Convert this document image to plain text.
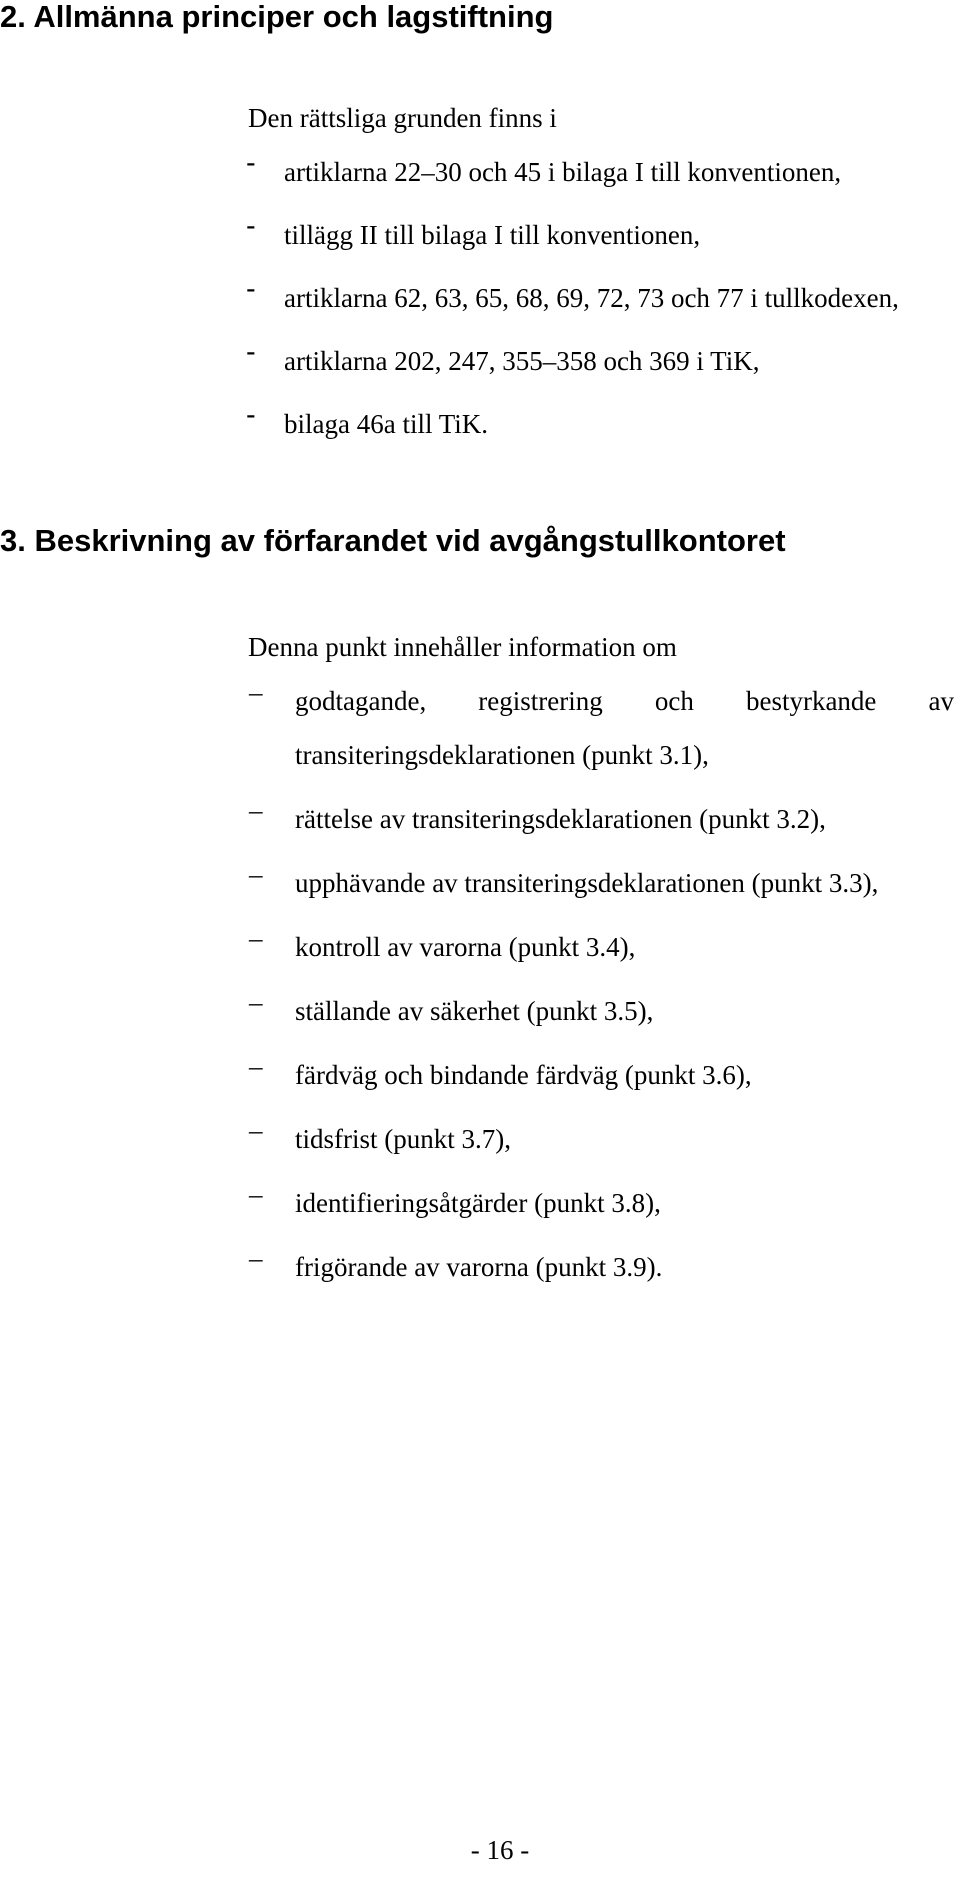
2. Allmänna principer och lagstiftning

Den rättsliga grunden finns i

- artiklarna 22–30 och 45 i bilaga I till konventionen,
- tillägg II till bilaga I till konventionen,
- artiklarna 62, 63, 65, 68, 69, 72, 73 och 77 i tullkodexen,
- artiklarna 202, 247, 355–358 och 369 i TiK,
- bilaga 46a till TiK.
3. Beskrivning av förfarandet vid avgångstullkontoret

Denna punkt innehåller information om

– godtagande, registrering och bestyrkande av transiteringsdeklarationen (punkt 3.1),
– rättelse av transiteringsdeklarationen (punkt 3.2),
– upphävande av transiteringsdeklarationen (punkt 3.3),
– kontroll av varorna (punkt 3.4),
– ställande av säkerhet (punkt 3.5),
– färdväg och bindande färdväg (punkt 3.6),
– tidsfrist (punkt 3.7),
– identifieringsåtgärder (punkt 3.8),
– frigörande av varorna (punkt 3.9).

- 16 -
